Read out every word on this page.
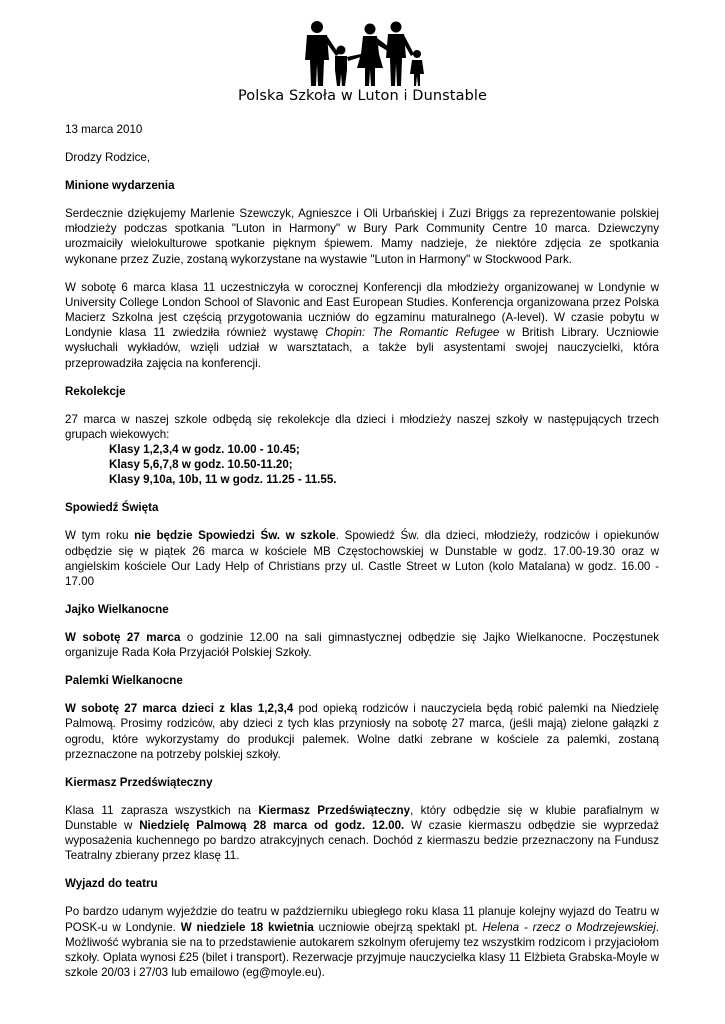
Polska Szkoła w Luton i Dunstable

13 marca 2010

Drodzy Rodzice,

Minione wydarzenia

Serdecznie dziękujemy Marlenie Szewczyk, Agnieszce i Oli Urbańskiej i Zuzi Briggs za reprezentowanie polskiej młodzieży podczas spotkania "Luton in Harmony" w Bury Park Community Centre 10 marca. Dziewczyny urozmaiciły wielokulturowe spotkanie pięknym śpiewem. Mamy nadzieje, że niektóre zdjęcia ze spotkania wykonane przez Zuzie, zostaną wykorzystane na wystawie "Luton in Harmony" w Stockwood Park.

W sobotę 6 marca klasa 11 uczestniczyła w corocznej Konferencji dla młodzieży organizowanej w Londynie w University College London School of Slavonic and East European Studies. Konferencja organizowana przez Polska Macierz Szkolna jest częścią przygotowania uczniów do egzaminu maturalnego (A-level). W czasie pobytu w Londynie klasa 11 zwiedziła również wystawę Chopin: The Romantic Refugee w British Library. Uczniowie wysłuchali wykładów, wzięli udział w warsztatach, a także byli asystentami swojej nauczycielki, która przeprowadziła zajęcia na konferencji.

Rekolekcje

27 marca w naszej szkole odbędą się rekolekcje dla dzieci i młodzieży naszej szkoły w następujących trzech grupach wiekowych:

Klasy 1,2,3,4 w godz. 10.00 - 10.45;
Klasy 5,6,7,8 w godz. 10.50-11.20;
Klasy 9,10a, 10b, 11 w godz. 11.25 - 11.55.
Spowiedź Święta

W tym roku nie będzie Spowiedzi Św. w szkole. Spowiedź Św. dla dzieci, młodzieży, rodziców i opiekunów odbędzie się w piątek 26 marca w kościele MB Częstochowskiej w Dunstable w godz. 17.00-19.30 oraz w angielskim kościele Our Lady Help of Christians przy ul. Castle Street w Luton (kolo Matalana) w godz. 16.00 - 17.00

Jajko Wielkanocne

W sobotę 27 marca o godzinie 12.00 na sali gimnastycznej odbędzie się Jajko Wielkanocne. Poczęstunek organizuje Rada Koła Przyjaciół Polskiej Szkoły.

Palemki Wielkanocne

W sobotę 27 marca dzieci z klas 1,2,3,4 pod opieką rodziców i nauczyciela będą robić palemki na Niedzielę Palmową. Prosimy rodziców, aby dzieci z tych klas przyniosły na sobotę 27 marca, (jeśli mają) zielone gałązki z ogrodu, które wykorzystamy do produkcji palemek. Wolne datki zebrane w kościele za palemki, zostaną przeznaczone na potrzeby polskiej szkoły.

Kiermasz Przedświąteczny

Klasa 11 zaprasza wszystkich na Kiermasz Przedświąteczny, który odbędzie się w klubie parafialnym w Dunstable w Niedzielę Palmową 28 marca od godz. 12.00. W czasie kiermaszu odbędzie sie wyprzedaż wyposażenia kuchennego po bardzo atrakcyjnych cenach. Dochód z kiermaszu bedzie przeznaczony na Fundusz Teatralny zbierany przez klasę 11.

Wyjazd do teatru

Po bardzo udanym wyjeździe do teatru w październiku ubiegłego roku klasa 11 planuje kolejny wyjazd do Teatru w POSK-u w Londynie. W niedziele 18 kwietnia uczniowie obejrzą spektakl pt. Helena - rzecz o Modrzejewskiej. Możliwość wybrania sie na to przedstawienie autokarem szkolnym oferujemy tez wszystkim rodzicom i przyjaciołom szkoły. Oplata wynosi £25 (bilet i transport). Rezerwacje przyjmuje nauczycielka klasy 11 Elżbieta Grabska-Moyle w szkole 20/03 i 27/03 lub emailowo (eg@moyle.eu).
